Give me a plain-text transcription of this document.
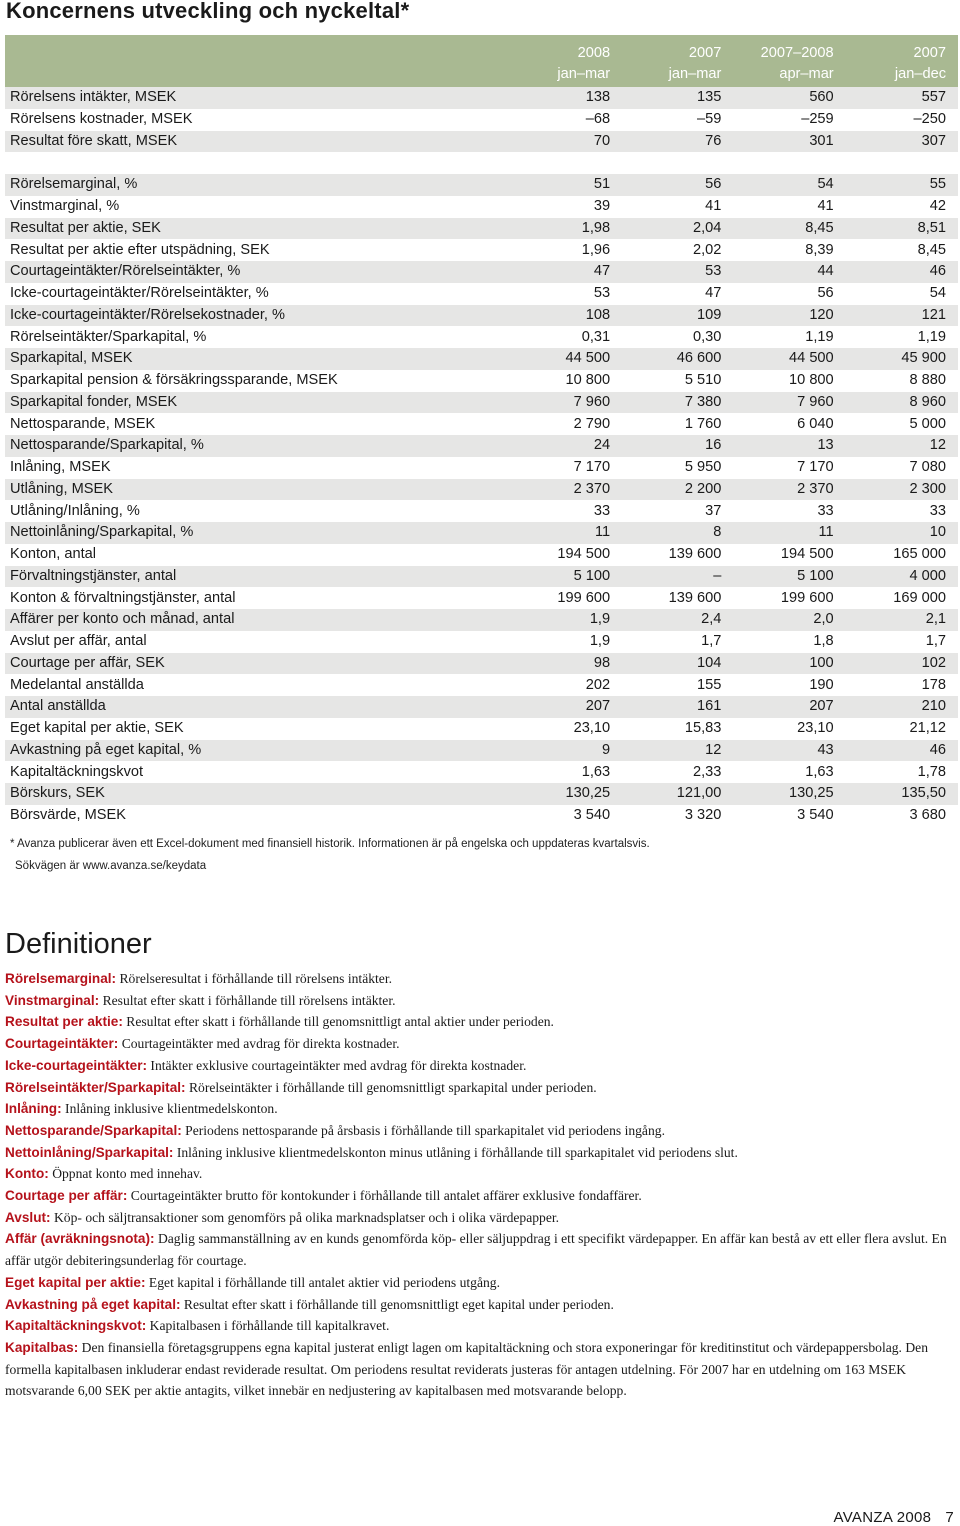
Koncernens utveckling och nyckeltal*
	2008	2007	2007–2008	2007
	jan–mar	jan–mar	apr–mar	jan–dec
Rörelsens intäkter, MSEK	138	135	560	557
Rörelsens kostnader, MSEK	–68	–59	–259	–250
Resultat före skatt, MSEK	70	76	301	307

Rörelsemarginal, %	51	56	54	55
Vinstmarginal, %	39	41	41	42
Resultat per aktie, SEK	1,98	2,04	8,45	8,51
Resultat per aktie efter utspädning, SEK	1,96	2,02	8,39	8,45
Courtageintäkter/Rörelseintäkter, %	47	53	44	46
Icke-courtageintäkter/Rörelseintäkter, %	53	47	56	54
Icke-courtageintäkter/Rörelsekostnader, %	108	109	120	121
Rörelseintäkter/Sparkapital, %	0,31	0,30	1,19	1,19
Sparkapital, MSEK	44 500	46 600	44 500	45 900
Sparkapital pension & försäkringssparande, MSEK	10 800	5 510	10 800	8 880
Sparkapital fonder, MSEK	7 960	7 380	7 960	8 960
Nettosparande, MSEK	2 790	1 760	6 040	5 000
Nettosparande/Sparkapital, %	24	16	13	12
Inlåning, MSEK	7 170	5 950	7 170	7 080
Utlåning, MSEK	2 370	2 200	2 370	2 300
Utlåning/Inlåning, %	33	37	33	33
Nettoinlåning/Sparkapital, %	11	8	11	10
Konton, antal	194 500	139 600	194 500	165 000
Förvaltningstjänster, antal	5 100	–	5 100	4 000
Konton & förvaltningstjänster, antal	199 600	139 600	199 600	169 000
Affärer per konto och månad, antal	1,9	2,4	2,0	2,1
Avslut per affär, antal	1,9	1,7	1,8	1,7
Courtage per affär, SEK	98	104	100	102
Medelantal anställda	202	155	190	178
Antal anställda	207	161	207	210
Eget kapital per aktie, SEK	23,10	15,83	23,10	21,12
Avkastning på eget kapital, %	9	12	43	46
Kapitaltäckningskvot	1,63	2,33	1,63	1,78
Börskurs, SEK	130,25	121,00	130,25	135,50
Börsvärde, MSEK	3 540	3 320	3 540	3 680
* Avanza publicerar även ett Excel-dokument med finansiell historik. Informationen är på engelska och uppdateras kvartalsvis.
Sökvägen är www.avanza.se/keydata
Definitioner

Rörelsemarginal: Rörelseresultat i förhållande till rörelsens intäkter.

Vinstmarginal: Resultat efter skatt i förhållande till rörelsens intäkter.

Resultat per aktie: Resultat efter skatt i förhållande till genomsnittligt antal aktier under perioden.

Courtageintäkter: Courtageintäkter med avdrag för direkta kostnader.

Icke-courtageintäkter: Intäkter exklusive courtageintäkter med avdrag för direkta kostnader.

Rörelseintäkter/Sparkapital: Rörelseintäkter i förhållande till genomsnittligt sparkapital under perioden.

Inlåning: Inlåning inklusive klientmedelskonton.

Nettosparande/Sparkapital: Periodens nettosparande på årsbasis i förhållande till sparkapitalet vid periodens ingång.

Nettoinlåning/Sparkapital: Inlåning inklusive klientmedelskonton minus utlåning i förhållande till sparkapitalet vid periodens slut.

Konto: Öppnat konto med innehav.

Courtage per affär: Courtageintäkter brutto för kontokunder i förhållande till antalet affärer exklusive fondaffärer.

Avslut: Köp- och säljtransaktioner som genomförs på olika marknadsplatser och i olika värdepapper.

Affär (avräkningsnota): Daglig sammanställning av en kunds genomförda köp- eller säljuppdrag i ett specifikt värdepapper. En affär kan bestå av ett eller flera avslut. En affär utgör debiteringsunderlag för courtage.

Eget kapital per aktie: Eget kapital i förhållande till antalet aktier vid periodens utgång.

Avkastning på eget kapital: Resultat efter skatt i förhållande till genomsnittligt eget kapital under perioden.

Kapitaltäckningskvot: Kapitalbasen i förhållande till kapitalkravet.

Kapitalbas: Den finansiella företagsgruppens egna kapital justerat enligt lagen om kapitaltäckning och stora exponeringar för kreditinstitut och värdepappersbolag. Den formella kapitalbasen inkluderar endast reviderade resultat. Om periodens resultat reviderats justeras för antagen utdelning. För 2007 har en utdelning om 163 MSEK motsvarande 6,00 SEK per aktie antagits, vilket innebär en nedjustering av kapitalbasen med motsvarande belopp.

AVANZA 2008 7
